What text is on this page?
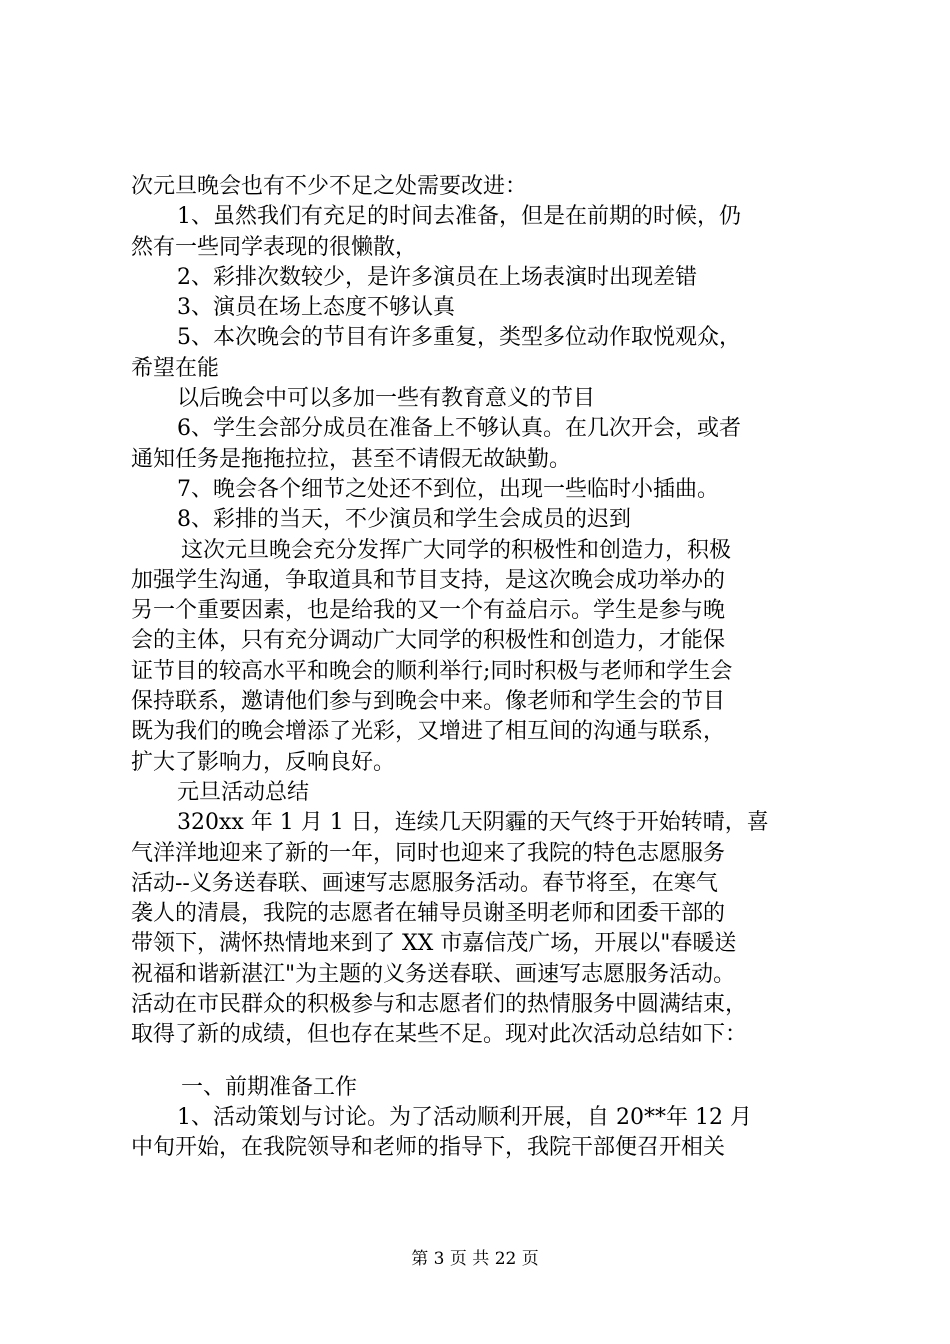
次元旦晚会也有不少不足之处需要改进：
1、虽然我们有充足的时间去准备，但是在前期的时候，仍
然有一些同学表现的很懒散，
2、彩排次数较少，是许多演员在上场表演时出现差错
3、演员在场上态度不够认真
5、本次晚会的节目有许多重复，类型多位动作取悦观众，
希望在能
以后晚会中可以多加一些有教育意义的节目
6、学生会部分成员在准备上不够认真。在几次开会，或者
通知任务是拖拖拉拉，甚至不请假无故缺勤。
7、晚会各个细节之处还不到位，出现一些临时小插曲。
8、彩排的当天，不少演员和学生会成员的迟到
这次元旦晚会充分发挥广大同学的积极性和创造力，积极
加强学生沟通，争取道具和节目支持，是这次晚会成功举办的
另一个重要因素，也是给我的又一个有益启示。学生是参与晚
会的主体，只有充分调动广大同学的积极性和创造力，才能保
证节目的较高水平和晚会的顺利举行;同时积极与老师和学生会
保持联系，邀请他们参与到晚会中来。像老师和学生会的节目
既为我们的晚会增添了光彩，又增进了相互间的沟通与联系，
扩大了影响力，反响良好。
元旦活动总结
320xx 年 1 月 1 日，连续几天阴霾的天气终于开始转晴，喜
气洋洋地迎来了新的一年，同时也迎来了我院的特色志愿服务
活动--义务送春联、画速写志愿服务活动。春节将至，在寒气
袭人的清晨，我院的志愿者在辅导员谢圣明老师和团委干部的
带领下，满怀热情地来到了 XX 市嘉信茂广场，开展以"春暖送
祝福和谐新湛江"为主题的义务送春联、画速写志愿服务活动。
活动在市民群众的积极参与和志愿者们的热情服务中圆满结束，
取得了新的成绩，但也存在某些不足。现对此次活动总结如下：
一、前期准备工作
1、活动策划与讨论。为了活动顺利开展，自 20**年 12 月
中旬开始，在我院领导和老师的指导下，我院干部便召开相关
第 3 页 共 22 页
